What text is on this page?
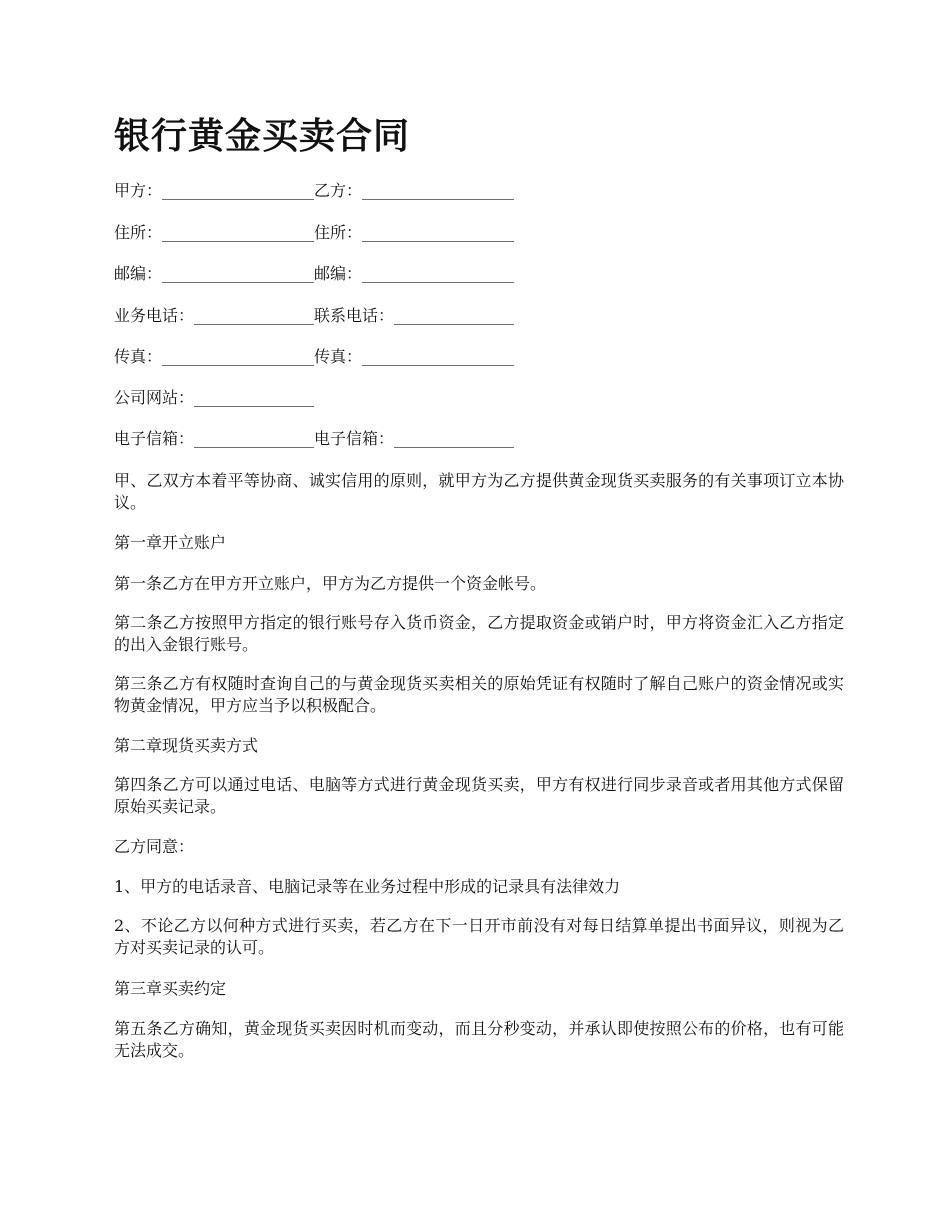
银行黄金买卖合同
甲方：___________________乙方：___________________
住所：___________________住所：___________________
邮编：___________________邮编：___________________
业务电话：_______________联系电话：_______________
传真：___________________传真：___________________
公司网站：_______________
电子信箱：_______________电子信箱：_______________
甲、乙双方本着平等协商、诚实信用的原则，就甲方为乙方提供黄金现货买卖服务的有关事项订立本协议。
第一章开立账户
第一条乙方在甲方开立账户，甲方为乙方提供一个资金帐号。
第二条乙方按照甲方指定的银行账号存入货币资金，乙方提取资金或销户时，甲方将资金汇入乙方指定的出入金银行账号。
第三条乙方有权随时查询自己的与黄金现货买卖相关的原始凭证有权随时了解自己账户的资金情况或实物黄金情况，甲方应当予以积极配合。
第二章现货买卖方式
第四条乙方可以通过电话、电脑等方式进行黄金现货买卖，甲方有权进行同步录音或者用其他方式保留原始买卖记录。
乙方同意：
1、甲方的电话录音、电脑记录等在业务过程中形成的记录具有法律效力
2、不论乙方以何种方式进行买卖，若乙方在下一日开市前没有对每日结算单提出书面异议，则视为乙方对买卖记录的认可。
第三章买卖约定
第五条乙方确知，黄金现货买卖因时机而变动，而且分秒变动，并承认即使按照公布的价格，也有可能无法成交。
